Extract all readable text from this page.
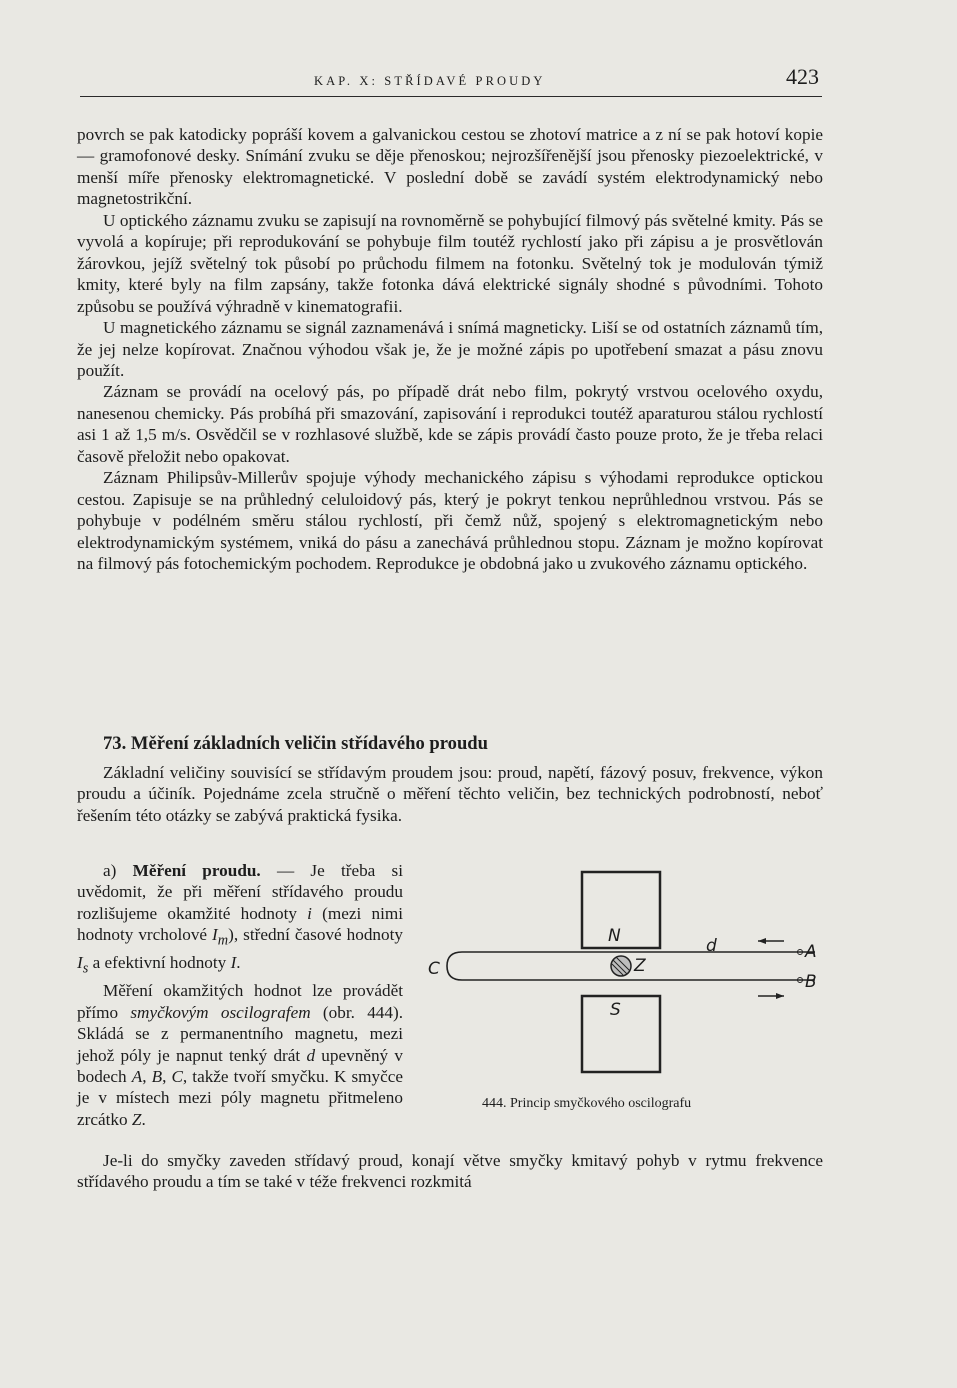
KAP. X: STŘÍDAVÉ PROUDY	423

povrch se pak katodicky popráší kovem a galvanickou cestou se zhotoví matrice a z ní se pak hotoví kopie — gramofonové desky. Snímání zvuku se děje přenoskou; nejrozšířenější jsou přenosky piezoelektrické, v menší míře přenosky elektromagnetické. V poslední době se zavádí systém elektrodynamický nebo magnetostrikční.

U optického záznamu zvuku se zapisují na rovnoměrně se pohybující filmový pás světelné kmity. Pás se vyvolá a kopíruje; při reprodukování se pohybuje film toutéž rychlostí jako při zápisu a je prosvětlován žárovkou, jejíž světelný tok působí po průchodu filmem na fotonku. Světelný tok je modulován týmiž kmity, které byly na film zapsány, takže fotonka dává elektrické signály shodné s původními. Tohoto způsobu se používá výhradně v kinematografii.

U magnetického záznamu se signál zaznamenává i snímá magneticky. Liší se od ostatních záznamů tím, že jej nelze kopírovat. Značnou výhodou však je, že je možné zápis po upotřebení smazat a pásu znovu použít.

Záznam se provádí na ocelový pás, po případě drát nebo film, pokrytý vrstvou ocelového oxydu, nanesenou chemicky. Pás probíhá při smazování, zapisování i reprodukci toutéž aparaturou stálou rychlostí asi 1 až 1,5 m/s. Osvědčil se v rozhlasové službě, kde se zápis provádí často pouze proto, že je třeba relaci časově přeložit nebo opakovat.

Záznam Philipsův-Millerův spojuje výhody mechanického zápisu s výhodami reprodukce optickou cestou. Zapisuje se na průhledný celuloidový pás, který je pokryt tenkou neprůhlednou vrstvou. Pás se pohybuje v podélném směru stálou rychlostí, při čemž nůž, spojený s elektromagnetickým nebo elektrodynamickým systémem, vniká do pásu a zanechává průhlednou stopu. Záznam je možno kopírovat na filmový pás fotochemickým pochodem. Reprodukce je obdobná jako u zvukového záznamu optického.

73. Měření základních veličin střídavého proudu

Základní veličiny souvisící se střídavým proudem jsou: proud, napětí, fázový posuv, frekvence, výkon proudu a účiník. Pojednáme zcela stručně o měření těchto veličin, bez technických podrobností, neboť řešením této otázky se zabývá praktická fysika.

a) Měření proudu. — Je třeba si uvědomit, že při měření střídavého proudu rozlišujeme okamžité hodnoty i (mezi nimi hodnoty vrcholové $I_m$), střední časové hodnoty $I_s$ a efektivní hodnoty I.

Měření okamžitých hodnot lze provádět přímo smyčkovým oscilografem (obr. 444). Skládá se z permanentního magnetu, mezi jehož póly je napnut tenký drát d upevněný v bodech A, B, C, takže tvoří smyčku. K smyčce je v místech mezi póly magnetu přitmeleno zrcátko Z.

N
S
Z
C
d	A
B
444. Princip smyčkového oscilografu

Je-li do smyčky zaveden střídavý proud, konají větve smyčky kmitavý pohyb v rytmu frekvence střídavého proudu a tím se také v téže frekvenci rozkmitá
